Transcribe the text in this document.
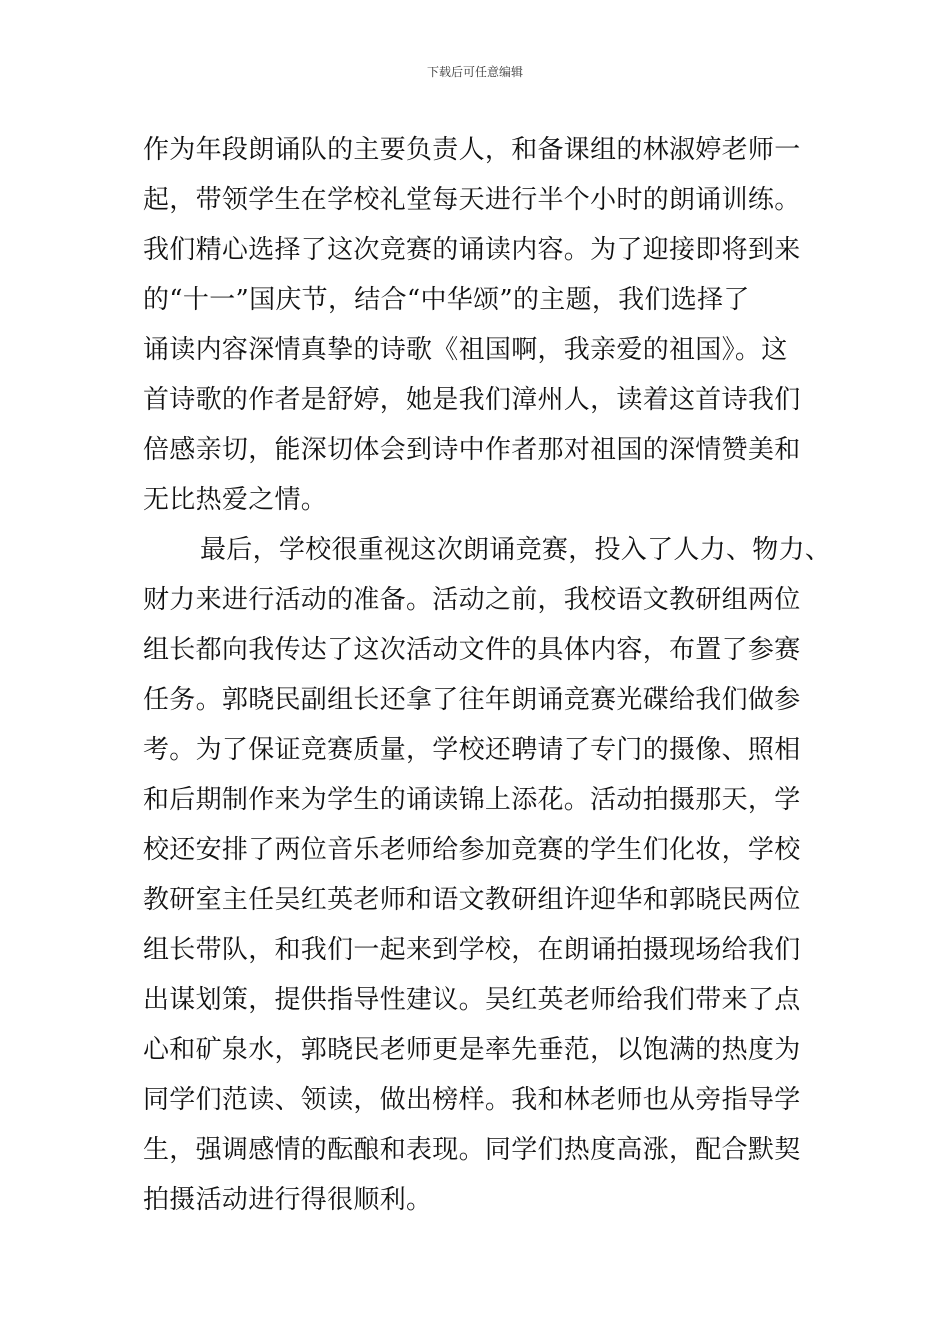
下载后可任意编辑
作为年段朗诵队的主要负责人，和备课组的林淑婷老师一
起，带领学生在学校礼堂每天进行半个小时的朗诵训练。
我们精心选择了这次竞赛的诵读内容。为了迎接即将到来
的“十一”国庆节，结合“中华颂”的主题，我们选择了
诵读内容深情真挚的诗歌《祖国啊，我亲爱的祖国》。这
首诗歌的作者是舒婷，她是我们漳州人，读着这首诗我们
倍感亲切，能深切体会到诗中作者那对祖国的深情赞美和
无比热爱之情。
最后，学校很重视这次朗诵竞赛，投入了人力、物力、
财力来进行活动的准备。活动之前，我校语文教研组两位
组长都向我传达了这次活动文件的具体内容，布置了参赛
任务。郭晓民副组长还拿了往年朗诵竞赛光碟给我们做参
考。为了保证竞赛质量，学校还聘请了专门的摄像、照相
和后期制作来为学生的诵读锦上添花。活动拍摄那天，学
校还安排了两位音乐老师给参加竞赛的学生们化妆，学校
教研室主任吴红英老师和语文教研组许迎华和郭晓民两位
组长带队，和我们一起来到学校，在朗诵拍摄现场给我们
出谋划策，提供指导性建议。吴红英老师给我们带来了点
心和矿泉水，郭晓民老师更是率先垂范，以饱满的热度为
同学们范读、领读，做出榜样。我和林老师也从旁指导学
生，强调感情的酝酿和表现。同学们热度高涨，配合默契
拍摄活动进行得很顺利。
